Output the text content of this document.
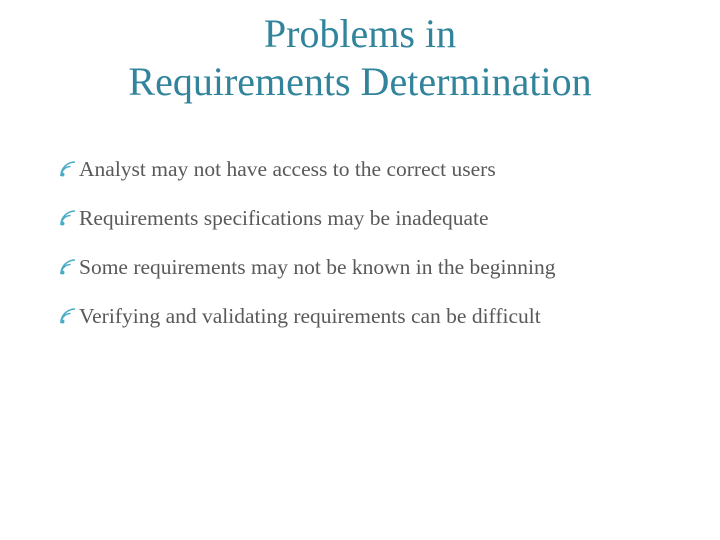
Problems in
Requirements Determination
Analyst may not have access to the correct users
Requirements specifications may be inadequate
Some requirements may not be known in the beginning
Verifying and validating requirements can be difficult
